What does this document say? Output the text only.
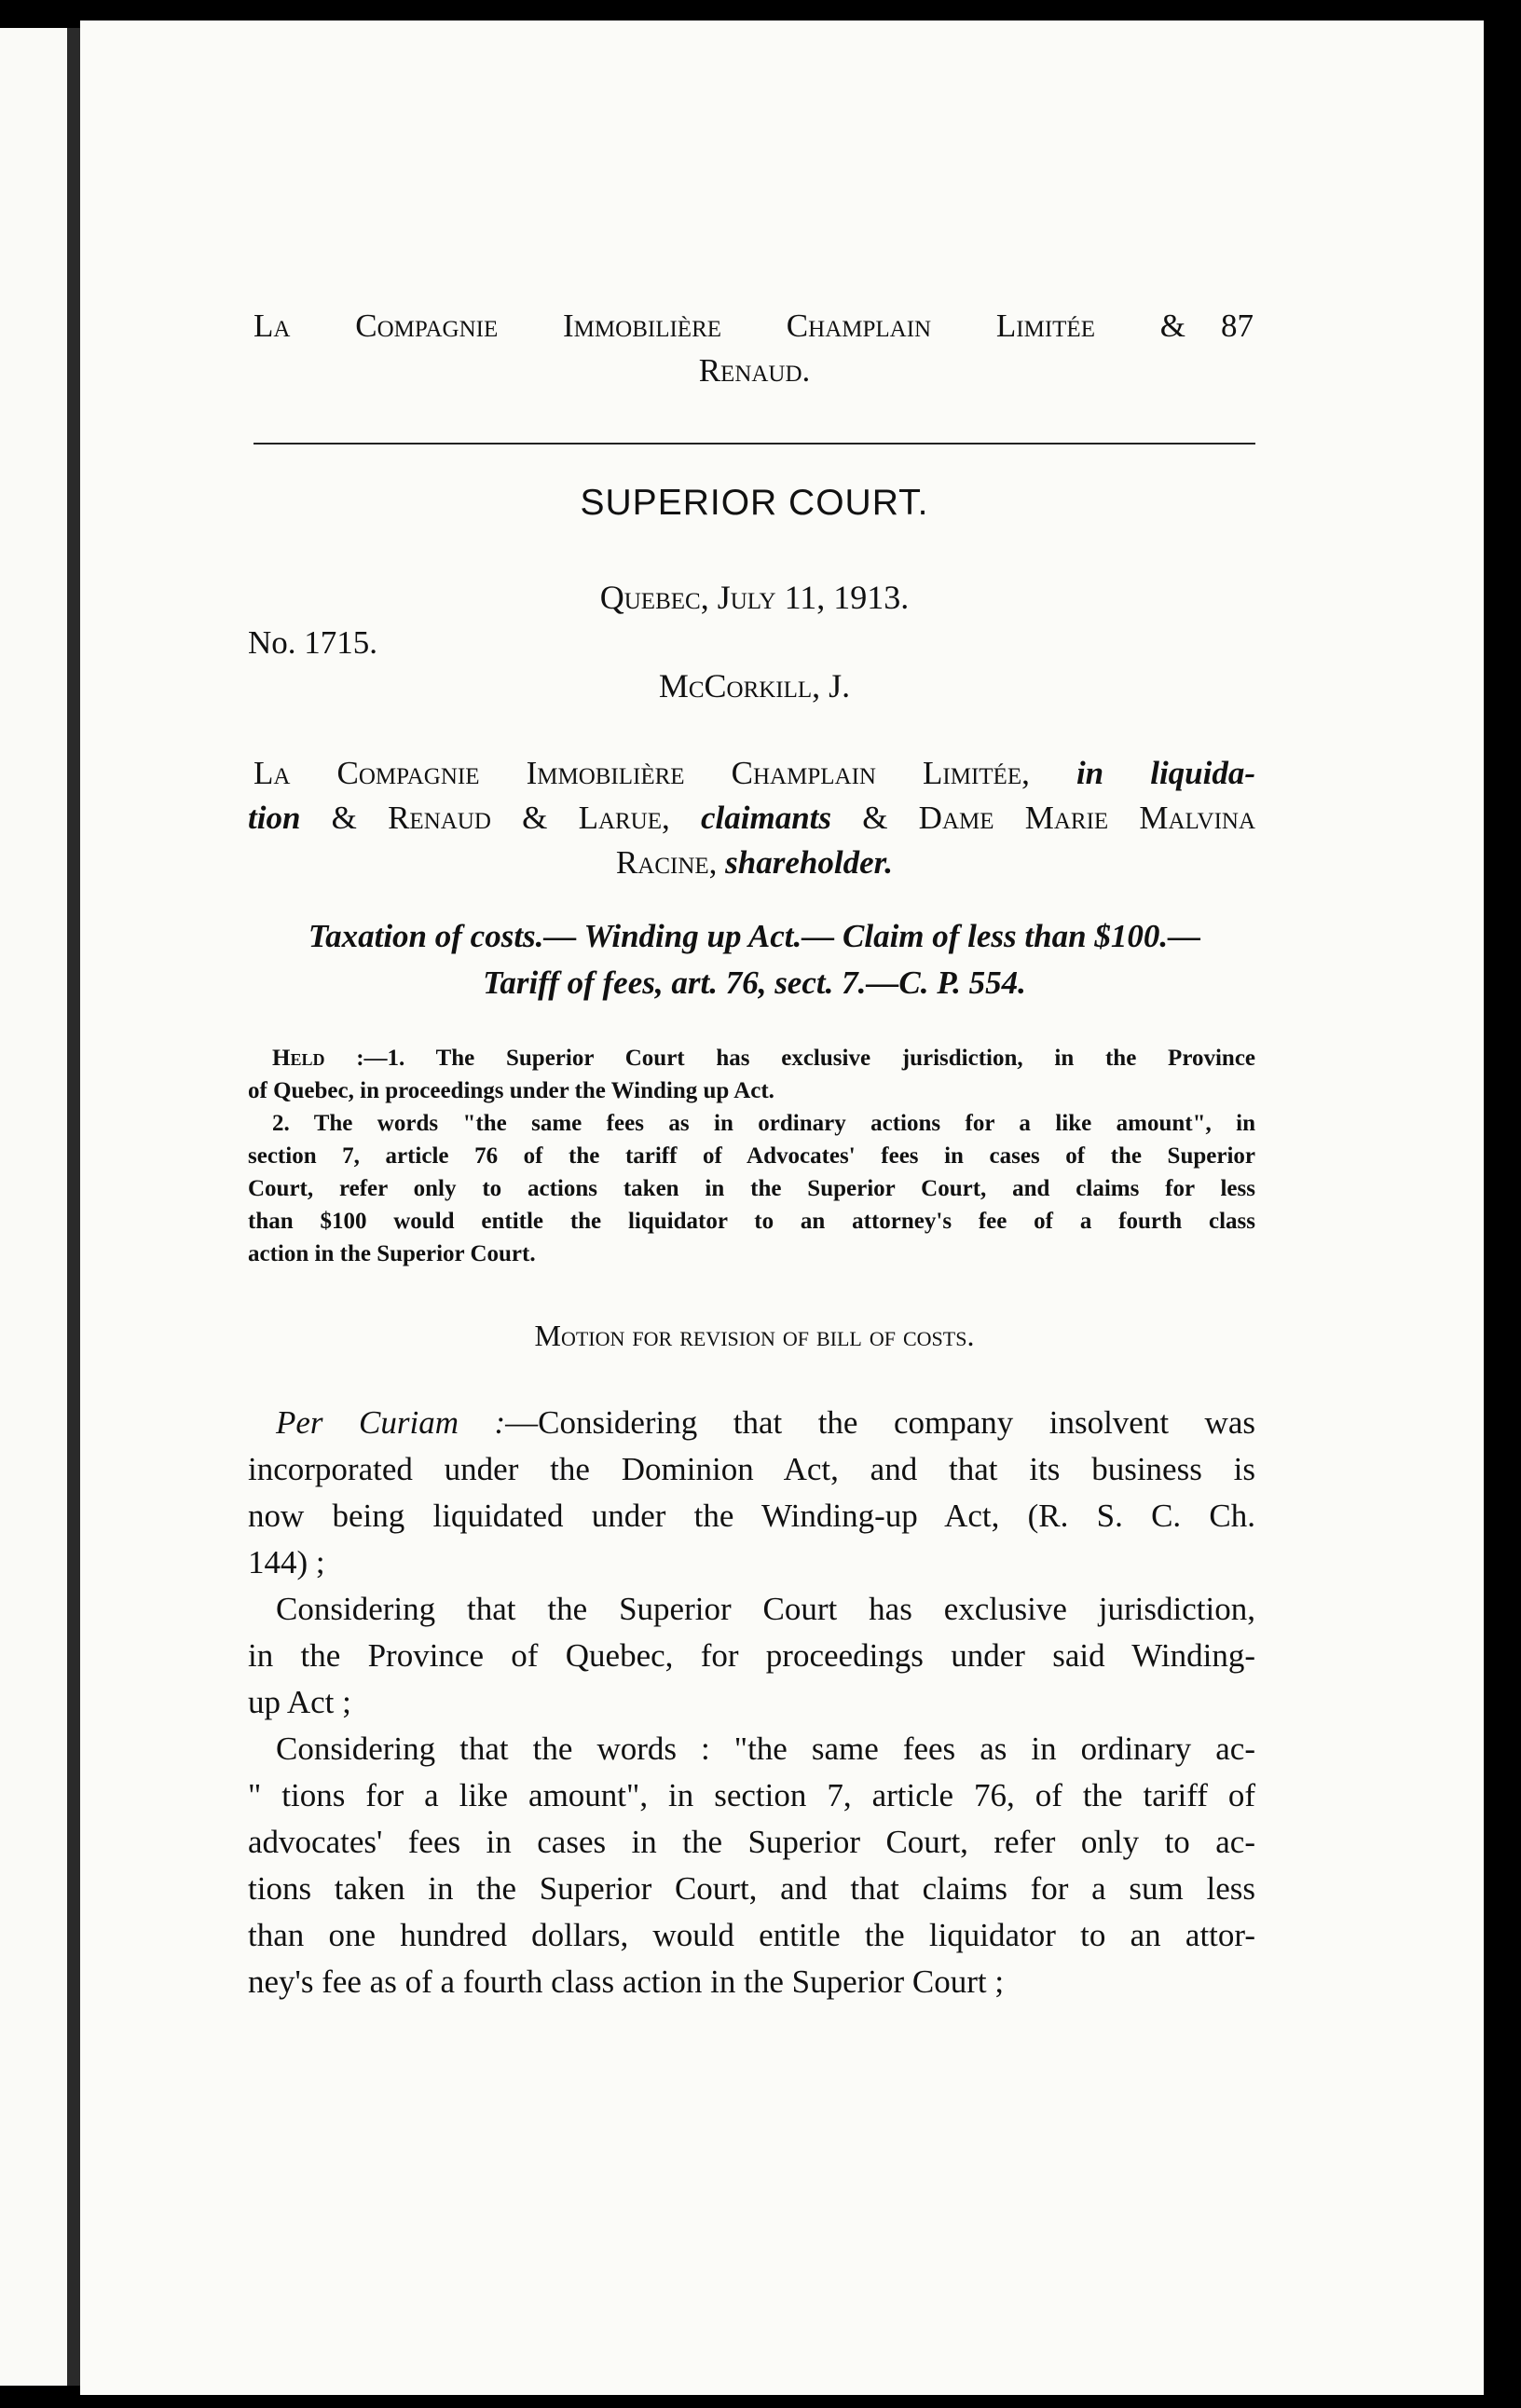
La Compagnie Immobilière Champlain Limitée & 87
Renaud.
SUPERIOR COURT.
Quebec, July 11, 1913.
No. 1715.
McCorkill, J.
La Compagnie Immobilière Champlain Limitée, in liquida-
tion & Renaud & Larue, claimants & Dame Marie Malvina
Racine, shareholder.
Taxation of costs.— Winding up Act.— Claim of less than $100.—
Tariff of fees, art. 76, sect. 7.—C. P. 554.
Held :—1. The Superior Court has exclusive jurisdiction, in the Province
of Quebec, in proceedings under the Winding up Act.
2. The words "the same fees as in ordinary actions for a like amount", in
section 7, article 76 of the tariff of Advocates' fees in cases of the Superior
Court, refer only to actions taken in the Superior Court, and claims for less
than $100 would entitle the liquidator to an attorney's fee of a fourth class
action in the Superior Court.
Motion for revision of bill of costs.
Per Curiam :—Considering that the company insolvent was
incorporated under the Dominion Act, and that its business is
now being liquidated under the Winding-up Act, (R. S. C. Ch.
144) ;
Considering that the Superior Court has exclusive jurisdiction,
in the Province of Quebec, for proceedings under said Winding-
up Act ;
Considering that the words : "the same fees as in ordinary ac-
" tions for a like amount", in section 7, article 76, of the tariff of
advocates' fees in cases in the Superior Court, refer only to ac-
tions taken in the Superior Court, and that claims for a sum less
than one hundred dollars, would entitle the liquidator to an attor-
ney's fee as of a fourth class action in the Superior Court ;
